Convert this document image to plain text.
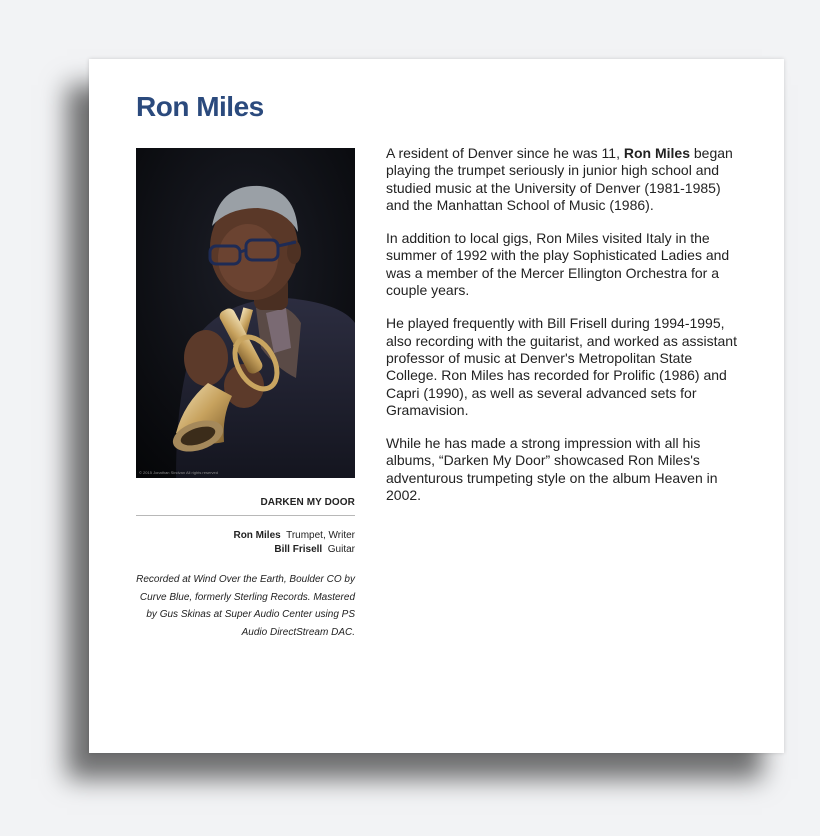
Ron Miles
© 2015 Jonathan Sindvan All rights reserved
DARKEN MY DOOR
Ron Miles Trumpet, Writer
Bill Frisell Guitar

Recorded at Wind Over the Earth, Boulder CO by Curve Blue, formerly Sterling Records. Mastered by Gus Skinas at Super Audio Center using PS Audio DirectStream DAC.

A resident of Denver since he was 11, Ron Miles began playing the trumpet seriously in junior high school and studied music at the University of Denver (1981-1985) and the Manhattan School of Music (1986).

In addition to local gigs, Ron Miles visited Italy in the summer of 1992 with the play Sophisticated Ladies and was a member of the Mercer Ellington Orchestra for a couple years.

He played frequently with Bill Frisell during 1994-1995, also recording with the guitarist, and worked as assistant professor of music at Denver's Metropolitan State College. Ron Miles has recorded for Prolific (1986) and Capri (1990), as well as several advanced sets for Gramavision.

While he has made a strong impression with all his albums, “Darken My Door” showcased Ron Miles's adventurous trumpeting style on the album Heaven in 2002.
